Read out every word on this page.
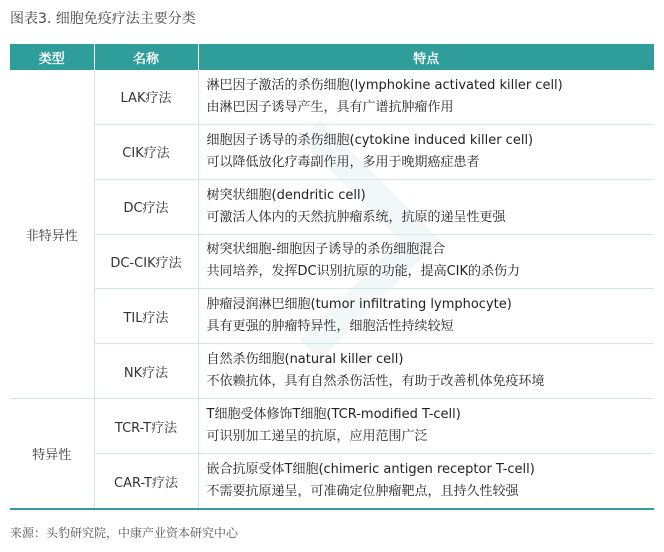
图表3. 细胞免疫疗法主要分类
类型	名称	特点
非特异性	LAK疗法	淋巴因子激活的杀伤细胞(lymphokine activated killer cell)
由淋巴因子诱导产生，具有广谱抗肿瘤作用

	CIK疗法	细胞因子诱导的杀伤细胞(cytokine induced killer cell)
可以降低放化疗毒副作用，多用于晚期癌症患者

	DC疗法	树突状细胞(dendritic cell)
可激活人体内的天然抗肿瘤系统，抗原的递呈性更强

	DC-CIK疗法	树突状细胞-细胞因子诱导的杀伤细胞混合
共同培养，发挥DC识别抗原的功能，提高CIK的杀伤力

	TIL疗法	肿瘤浸润淋巴细胞(tumor infiltrating lymphocyte)
具有更强的肿瘤特异性，细胞活性持续较短

	NK疗法	自然杀伤细胞(natural killer cell)
不依赖抗体，具有自然杀伤活性，有助于改善机体免疫环境

特异性	TCR-T疗法	T细胞受体修饰T细胞(TCR-modified T-cell)
可识别加工递呈的抗原，应用范围广泛

	CAR-T疗法	嵌合抗原受体T细胞(chimeric antigen receptor T-cell)
不需要抗原递呈，可准确定位肿瘤靶点，且持久性较强
来源：头豹研究院，中康产业资本研究中心
